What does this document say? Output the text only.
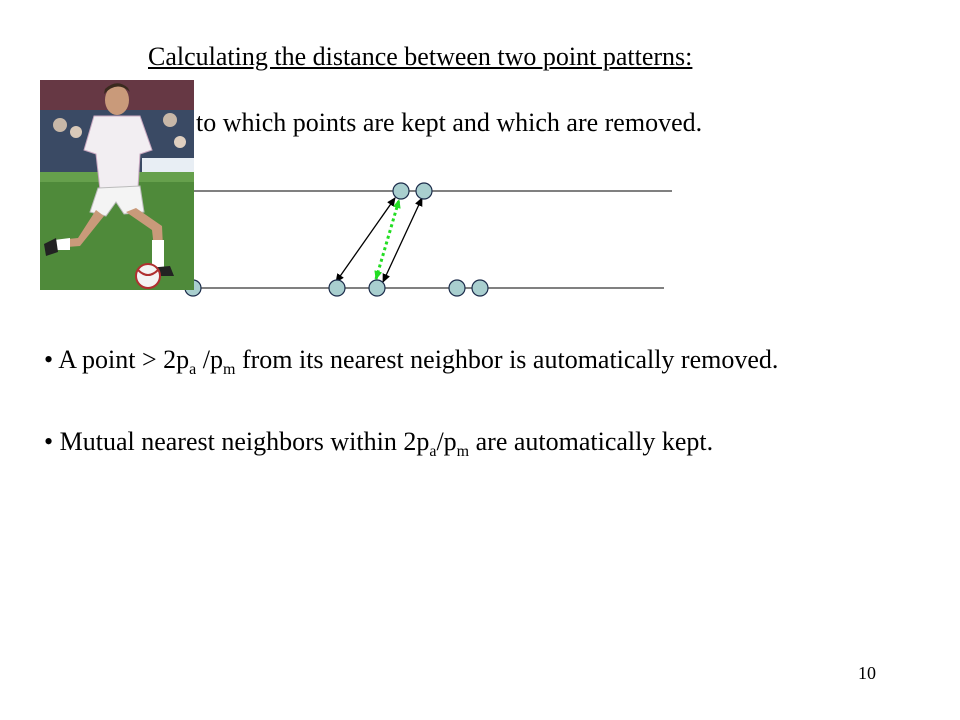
Calculating the distance between two point patterns:
to which points are kept and which are removed.
• A point > $2p_a$ $/p_m$ from its nearest neighbor is automatically removed.
• Mutual nearest neighbors within $2p_a/p_m$ are automatically kept.
10
